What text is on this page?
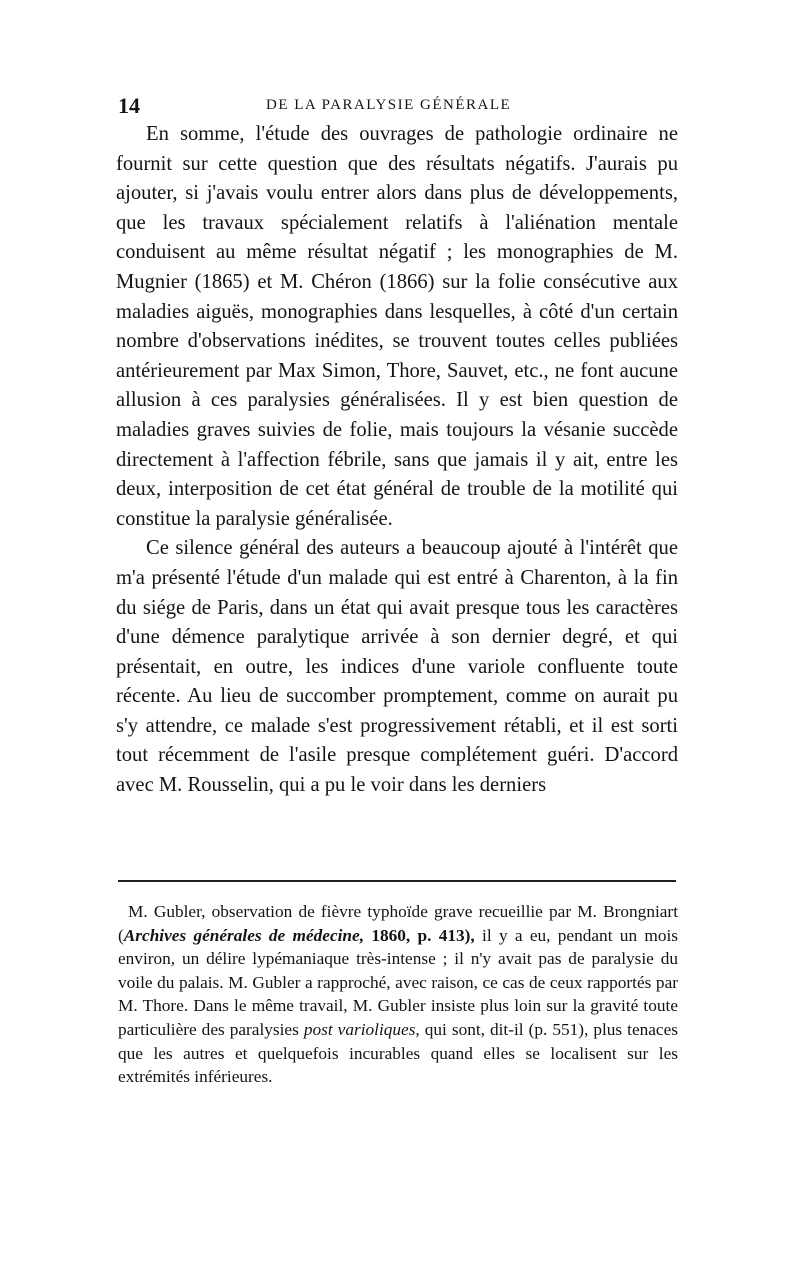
14	DE LA PARALYSIE GÉNÉRALE

En somme, l'étude des ouvrages de pathologie ordinaire ne fournit sur cette question que des résultats négatifs. J'aurais pu ajouter, si j'avais voulu entrer alors dans plus de développements, que les travaux spécialement relatifs à l'aliénation mentale conduisent au même résultat négatif ; les monographies de M. Mugnier (1865) et M. Chéron (1866) sur la folie consécutive aux maladies aiguës, monographies dans lesquelles, à côté d'un certain nombre d'observations inédites, se trouvent toutes celles publiées antérieurement par Max Simon, Thore, Sauvet, etc., ne font aucune allusion à ces paralysies généralisées. Il y est bien question de maladies graves suivies de folie, mais toujours la vésanie succède directement à l'affection fébrile, sans que jamais il y ait, entre les deux, interposition de cet état général de trouble de la motilité qui constitue la paralysie généralisée.

Ce silence général des auteurs a beaucoup ajouté à l'intérêt que m'a présenté l'étude d'un malade qui est entré à Charenton, à la fin du siége de Paris, dans un état qui avait presque tous les caractères d'une démence paralytique arrivée à son dernier degré, et qui présentait, en outre, les indices d'une variole confluente toute récente. Au lieu de succomber promptement, comme on aurait pu s'y attendre, ce malade s'est progressivement rétabli, et il est sorti tout récemment de l'asile presque complétement guéri. D'accord avec M. Rousselin, qui a pu le voir dans les derniers

M. Gubler, observation de fièvre typhoïde grave recueillie par M. Brongniart (Archives générales de médecine, 1860, p. 413), il y a eu, pendant un mois environ, un délire lypémaniaque très-intense ; il n'y avait pas de paralysie du voile du palais. M. Gubler a rapproché, avec raison, ce cas de ceux rapportés par M. Thore. Dans le même travail, M. Gubler insiste plus loin sur la gravité toute particulière des paralysies post varioliques, qui sont, dit-il (p. 551), plus tenaces que les autres et quelquefois incurables quand elles se localisent sur les extrémités inférieures.
